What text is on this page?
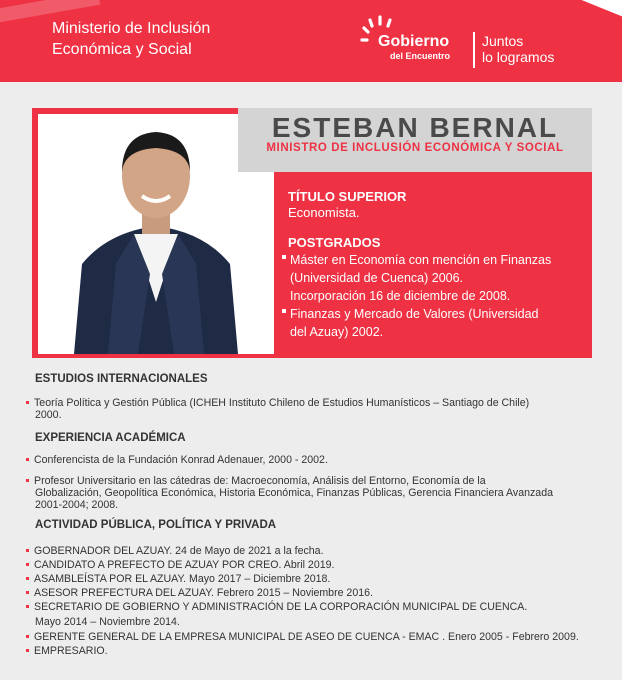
Ministerio de Inclusión
Económica y Social	Gobierno
del Encuentro
Juntos
lo logramos
ESTEBAN BERNAL
MINISTRO DE INCLUSIÓN ECONÓMICA Y SOCIAL
TÍTULO SUPERIOR
Economista.
POSTGRADOS
Máster en Economía con mención en Finanzas
(Universidad de Cuenca) 2006.
Incorporación 16 de diciembre de 2008.
Finanzas y Mercado de Valores (Universidad
del Azuay) 2002.
ESTUDIOS INTERNACIONALES
Teoría Política y Gestión Pública (ICHEH Instituto Chileno de Estudios Humanísticos – Santiago de Chile)
2000.
EXPERIENCIA ACADÉMICA
Conferencista de la Fundación Konrad Adenauer, 2000 - 2002.
Profesor Universitario en las cátedras de: Macroeconomía, Análisis del Entorno, Economía de la
Globalización, Geopolítica Económica, Historia Económica, Finanzas Públicas, Gerencia Financiera Avanzada
2001-2004; 2008.
ACTIVIDAD PÚBLICA, POLÍTICA Y PRIVADA
GOBERNADOR DEL AZUAY. 24 de Mayo de 2021 a la fecha.
CANDIDATO A PREFECTO DE AZUAY POR CREO. Abril 2019.
ASAMBLEÍSTA POR EL AZUAY. Mayo 2017 – Diciembre 2018.
ASESOR PREFECTURA DEL AZUAY. Febrero 2015 – Noviembre 2016.
SECRETARIO DE GOBIERNO Y ADMINISTRACIÓN DE LA CORPORACIÓN MUNICIPAL DE CUENCA.
Mayo 2014 – Noviembre 2014.
GERENTE GENERAL DE LA EMPRESA MUNICIPAL DE ASEO DE CUENCA - EMAC . Enero 2005 - Febrero 2009.
EMPRESARIO.
